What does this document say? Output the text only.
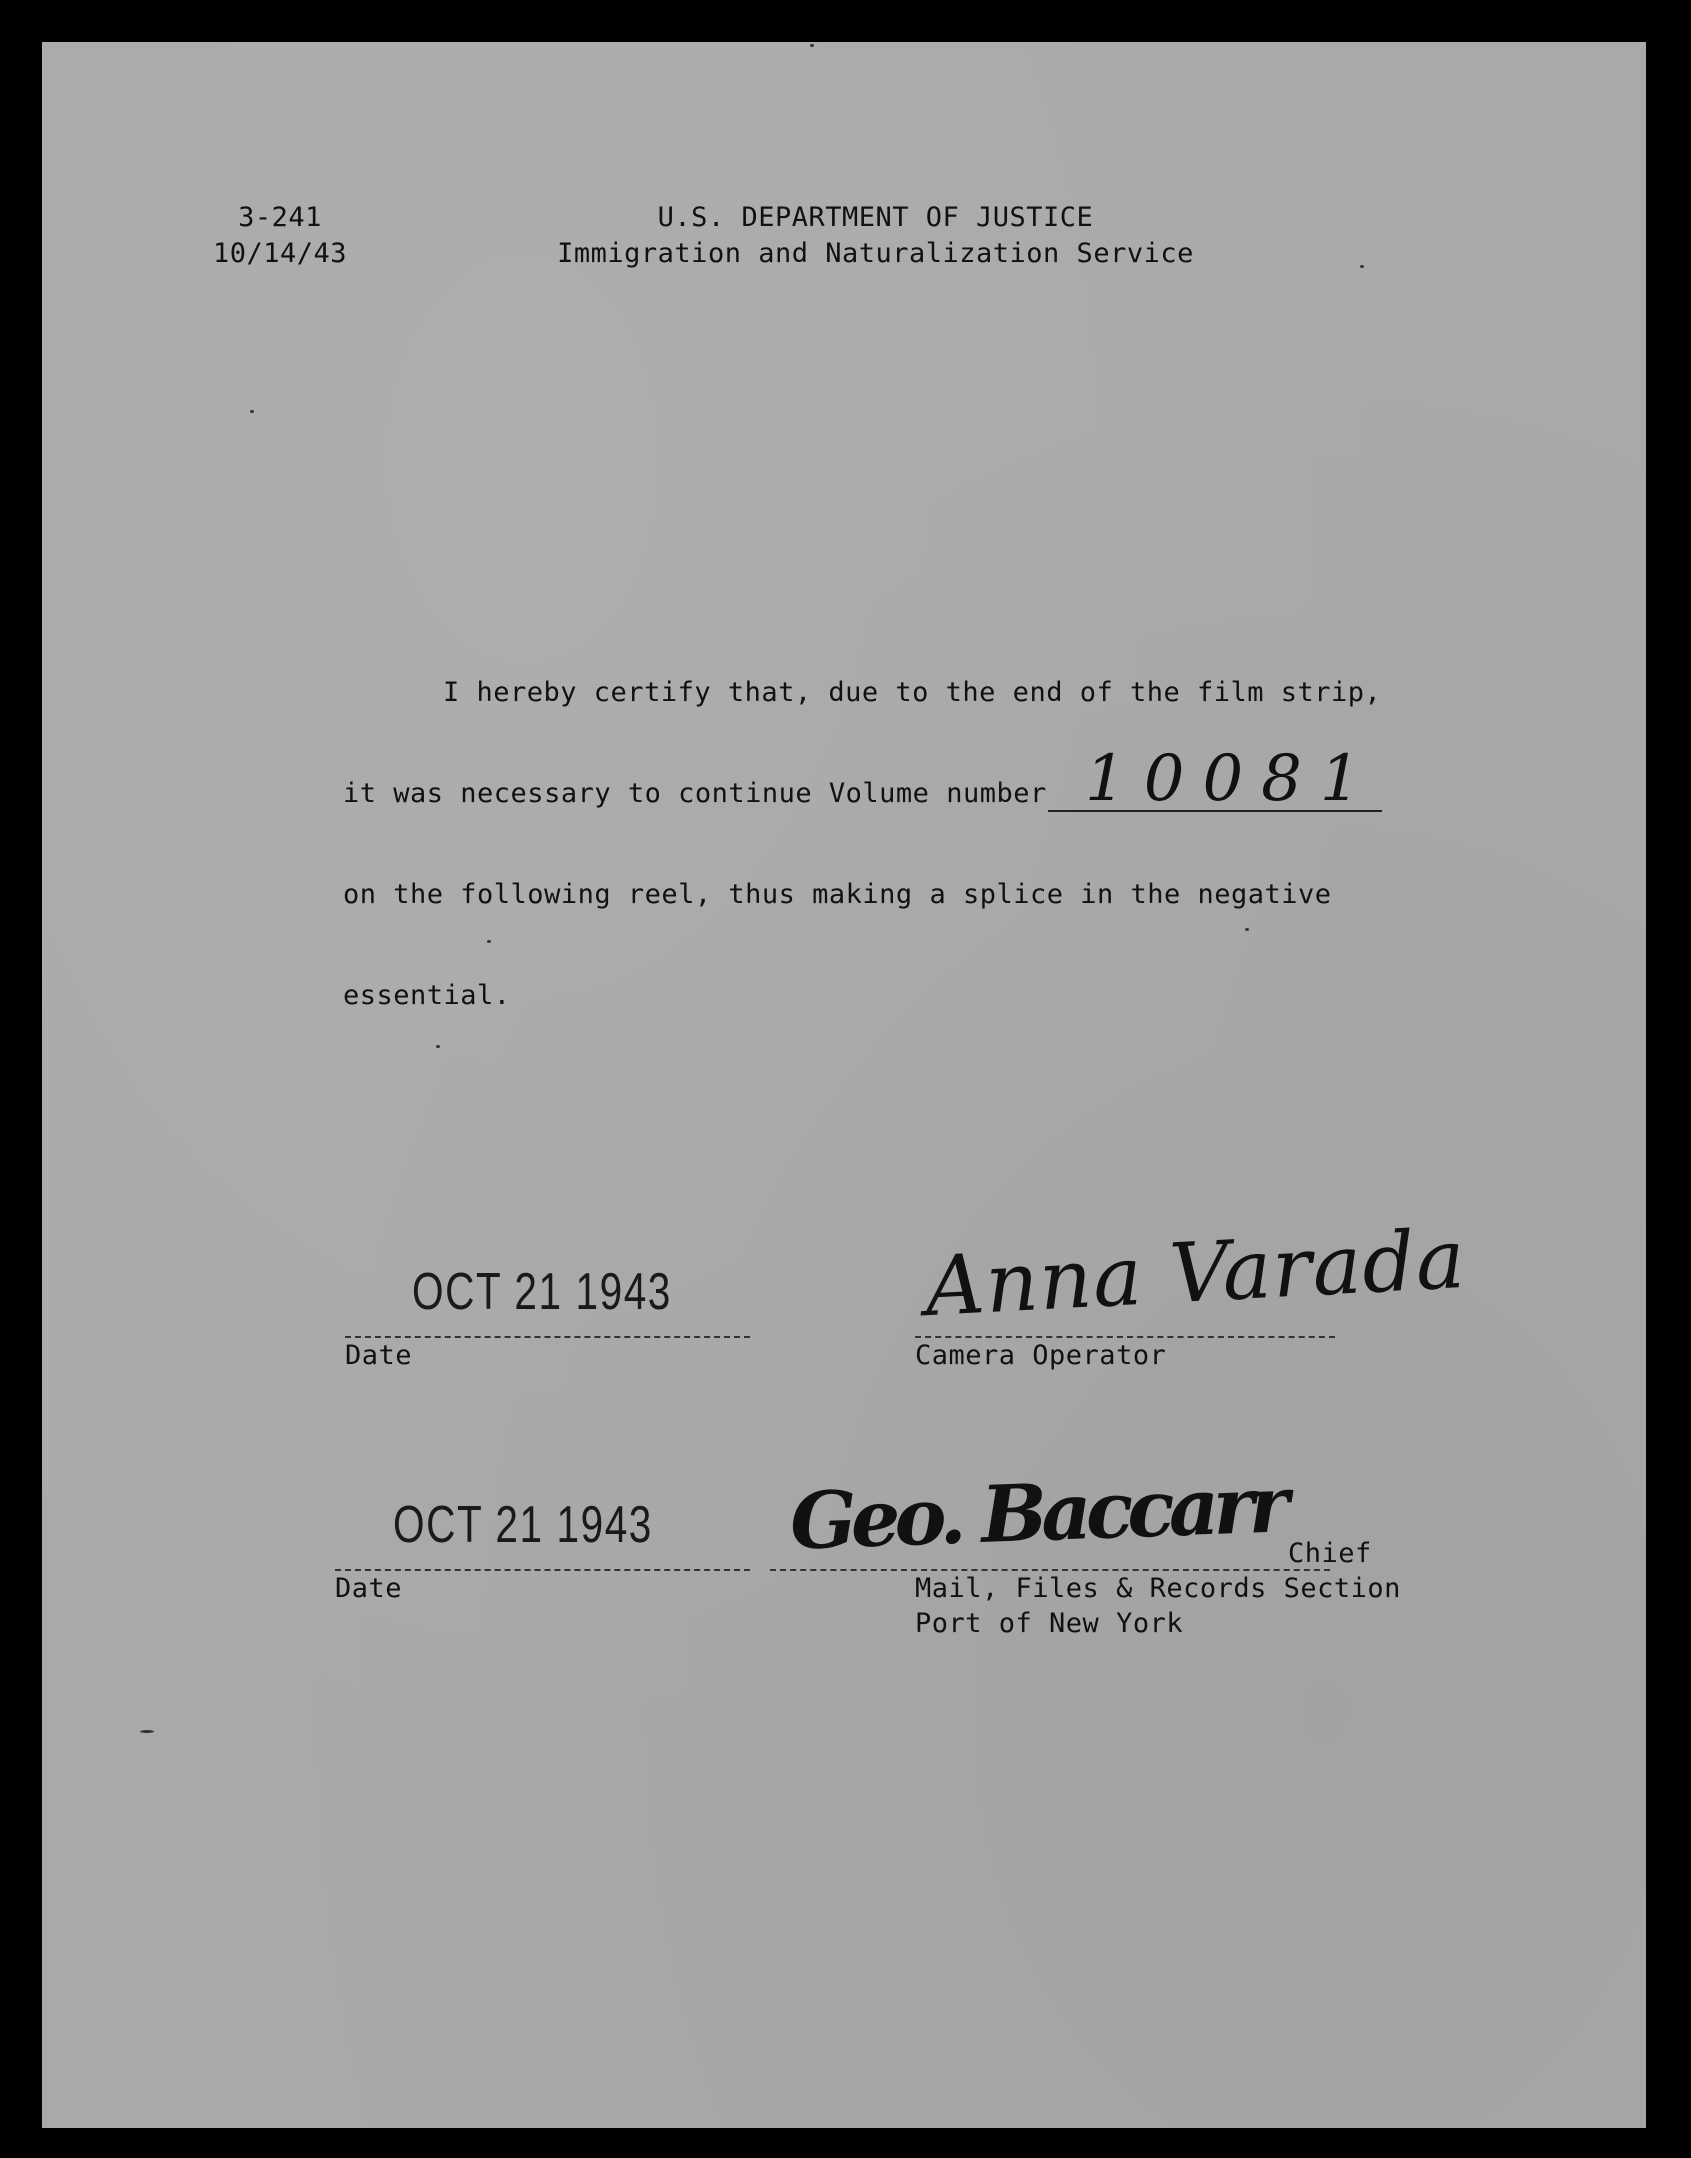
3-241
10/14/43
U.S. DEPARTMENT OF JUSTICE
Immigration and Naturalization Service
I hereby certify that, due to the end of the film strip,
it was necessary to continue Volume number 10081
on the following reel, thus making a splice in the negative
essential.
OCT 21 1943
Date
Anna Varada
Camera Operator
OCT 21 1943
Date
Geo. Baccarr Chief
Mail, Files & Records Section
Port of New York
